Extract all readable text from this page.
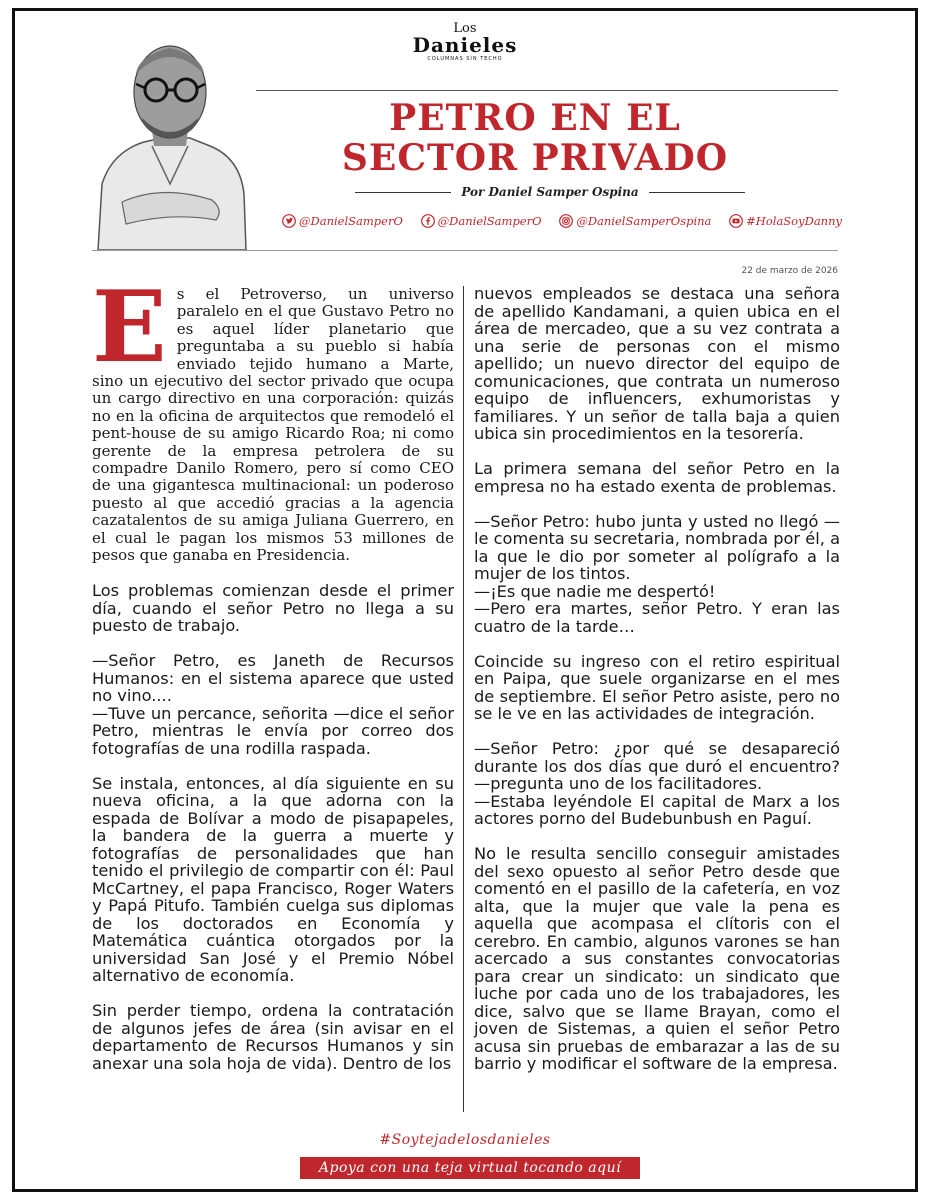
Los
Danieles
COLUMNAS SIN TECHO
PETRO EN EL
SECTOR PRIVADO
Por Daniel Samper Ospina
@DanielSamperO	@DanielSamperO	@DanielSamperOspina	#HolaSoyDanny
22 de marzo de 2026

Es el Petroverso, un universo paralelo en el que Gustavo Petro no es aquel líder planetario que preguntaba a su pueblo si había enviado tejido humano a Marte, sino un ejecutivo del sector privado que ocupa un cargo directivo en una corporación: quizás no en la oficina de arquitectos que remodeló el pent-house de su amigo Ricardo Roa; ni como gerente de la empresa petrolera de su compadre Danilo Romero, pero sí como CEO de una gigantesca multinacional: un poderoso puesto al que accedió gracias a la agencia cazatalentos de su amiga Juliana Guerrero, en el cual le pagan los mismos 53 millones de pesos que ganaba en Presidencia.

Los problemas comienzan desde el primer día, cuando el señor Petro no llega a su puesto de trabajo.

—Señor Petro, es Janeth de Recursos Humanos: en el sistema aparece que usted no vino....
—Tuve un percance, señorita —dice el señor Petro, mientras le envía por correo dos fotografías de una rodilla raspada.

Se instala, entonces, al día siguiente en su nueva oficina, a la que adorna con la espada de Bolívar a modo de pisapapeles, la bandera de la guerra a muerte y fotografías de personalidades que han tenido el privilegio de compartir con él: Paul McCartney, el papa Francisco, Roger Waters y Papá Pitufo. También cuelga sus diplomas de los doctorados en Economía y Matemática cuántica otorgados por la universidad San José y el Premio Nóbel alternativo de economía.

Sin perder tiempo, ordena la contratación de algunos jefes de área (sin avisar en el departamento de Recursos Humanos y sin anexar una sola hoja de vida). Dentro de los

nuevos empleados se destaca una señora de apellido Kandamani, a quien ubica en el área de mercadeo, que a su vez contrata a una serie de personas con el mismo apellido; un nuevo director del equipo de comunicaciones, que contrata un numeroso equipo de influencers, exhumoristas y familiares. Y un señor de talla baja a quien ubica sin procedimientos en la tesorería.

La primera semana del señor Petro en la empresa no ha estado exenta de problemas.

—Señor Petro: hubo junta y usted no llegó —le comenta su secretaria, nombrada por él, a la que le dio por someter al polígrafo a la mujer de los tintos.
—¡Es que nadie me despertó!
—Pero era martes, señor Petro. Y eran las cuatro de la tarde…

Coincide su ingreso con el retiro espiritual en Paipa, que suele organizarse en el mes de septiembre. El señor Petro asiste, pero no se le ve en las actividades de integración.

—Señor Petro: ¿por qué se desapareció durante los dos días que duró el encuentro? —pregunta uno de los facilitadores.
—Estaba leyéndole El capital de Marx a los actores porno del Budebunbush en Paguí.

No le resulta sencillo conseguir amistades del sexo opuesto al señor Petro desde que comentó en el pasillo de la cafetería, en voz alta, que la mujer que vale la pena es aquella que acompasa el clítoris con el cerebro. En cambio, algunos varones se han acercado a sus constantes convocatorias para crear un sindicato: un sindicato que luche por cada uno de los trabajadores, les dice, salvo que se llame Brayan, como el joven de Sistemas, a quien el señor Petro acusa sin pruebas de embarazar a las de su barrio y modificar el software de la empresa.

#Soytejadelosdanieles
Apoya con una teja virtual tocando aquí
